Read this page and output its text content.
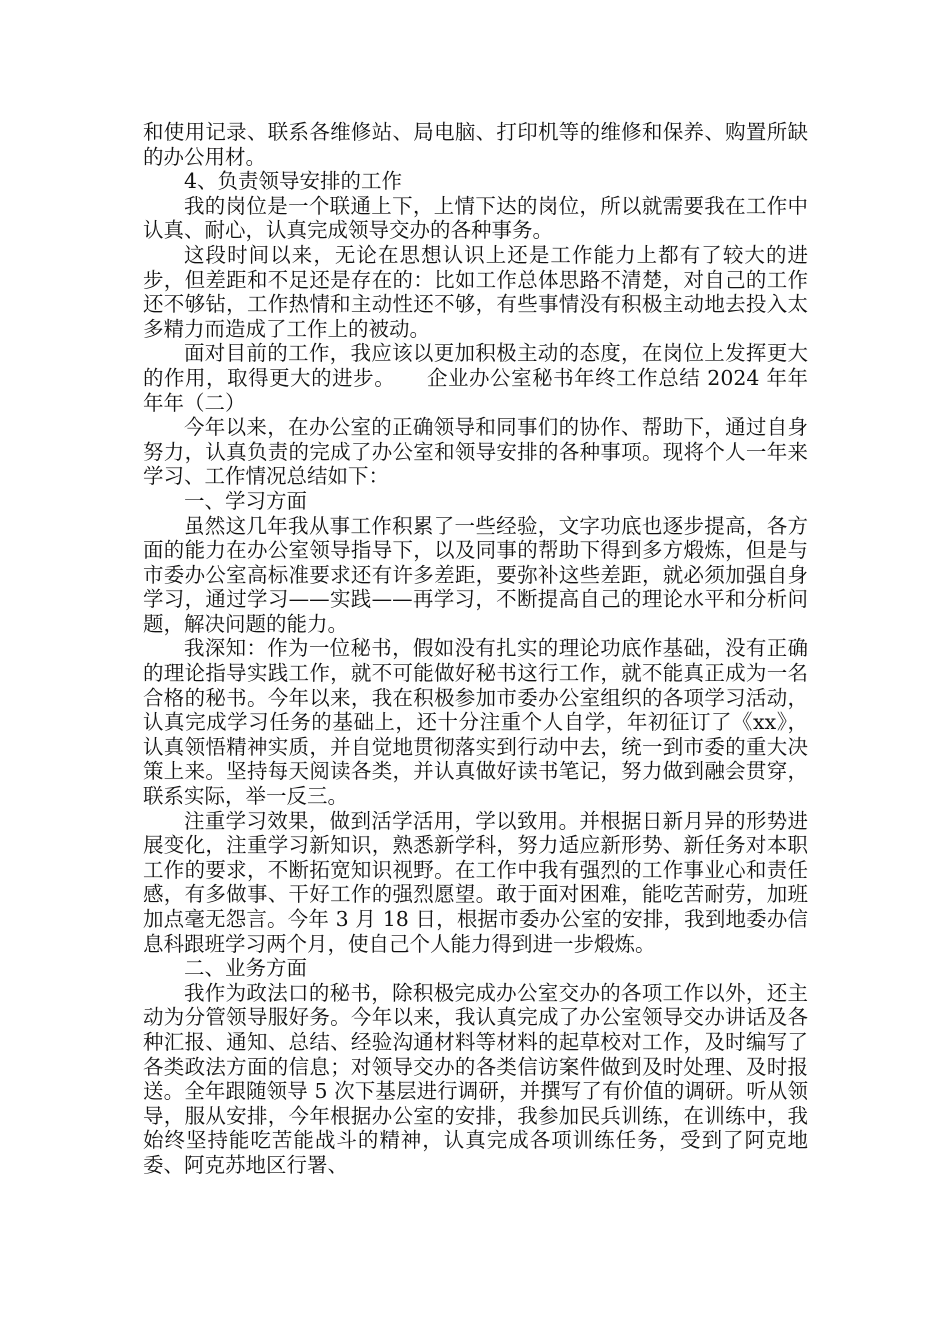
和使用记录、联系各维修站、局电脑、打印机等的维修和保养、购置所缺的办公用材。

4、负责领导安排的工作

我的岗位是一个联通上下，上情下达的岗位，所以就需要我在工作中认真、耐心，认真完成领导交办的各种事务。

这段时间以来，无论在思想认识上还是工作能力上都有了较大的进步，但差距和不足还是存在的：比如工作总体思路不清楚，对自己的工作还不够钻，工作热情和主动性还不够，有些事情没有积极主动地去投入太多精力而造成了工作上的被动。

面对目前的工作，我应该以更加积极主动的态度，在岗位上发挥更大的作用，取得更大的进步。　　企业办公室秘书年终工作总结 2024 年年年年（二）

今年以来，在办公室的正确领导和同事们的协作、帮助下，通过自身努力，认真负责的完成了办公室和领导安排的各种事项。现将个人一年来学习、工作情况总结如下：

一、学习方面

虽然这几年我从事工作积累了一些经验，文字功底也逐步提高，各方面的能力在办公室领导指导下，以及同事的帮助下得到多方煅炼，但是与市委办公室高标准要求还有许多差距，要弥补这些差距，就必须加强自身学习，通过学习——实践——再学习，不断提高自己的理论水平和分析问题，解决问题的能力。

我深知：作为一位秘书，假如没有扎实的理论功底作基础，没有正确的理论指导实践工作，就不可能做好秘书这行工作，就不能真正成为一名合格的秘书。今年以来，我在积极参加市委办公室组织的各项学习活动，认真完成学习任务的基础上，还十分注重个人自学，年初征订了《xx》，认真领悟精神实质，并自觉地贯彻落实到行动中去，统一到市委的重大决策上来。坚持每天阅读各类，并认真做好读书笔记，努力做到融会贯穿，联系实际，举一反三。

注重学习效果，做到活学活用，学以致用。并根据日新月异的形势进展变化，注重学习新知识，熟悉新学科，努力适应新形势、新任务对本职工作的要求，不断拓宽知识视野。在工作中我有强烈的工作事业心和责任感，有多做事、干好工作的强烈愿望。敢于面对困难，能吃苦耐劳，加班加点毫无怨言。今年 3 月 18 日，根据市委办公室的安排，我到地委办信息科跟班学习两个月，使自己个人能力得到进一步煅炼。

二、业务方面

我作为政法口的秘书，除积极完成办公室交办的各项工作以外，还主动为分管领导服好务。今年以来，我认真完成了办公室领导交办讲话及各种汇报、通知、总结、经验沟通材料等材料的起草校对工作，及时编写了各类政法方面的信息；对领导交办的各类信访案件做到及时处理、及时报送。全年跟随领导 5 次下基层进行调研，并撰写了有价值的调研。听从领导，服从安排，今年根据办公室的安排，我参加民兵训练，在训练中，我始终坚持能吃苦能战斗的精神，认真完成各项训练任务，受到了阿克地委、阿克苏地区行署、
